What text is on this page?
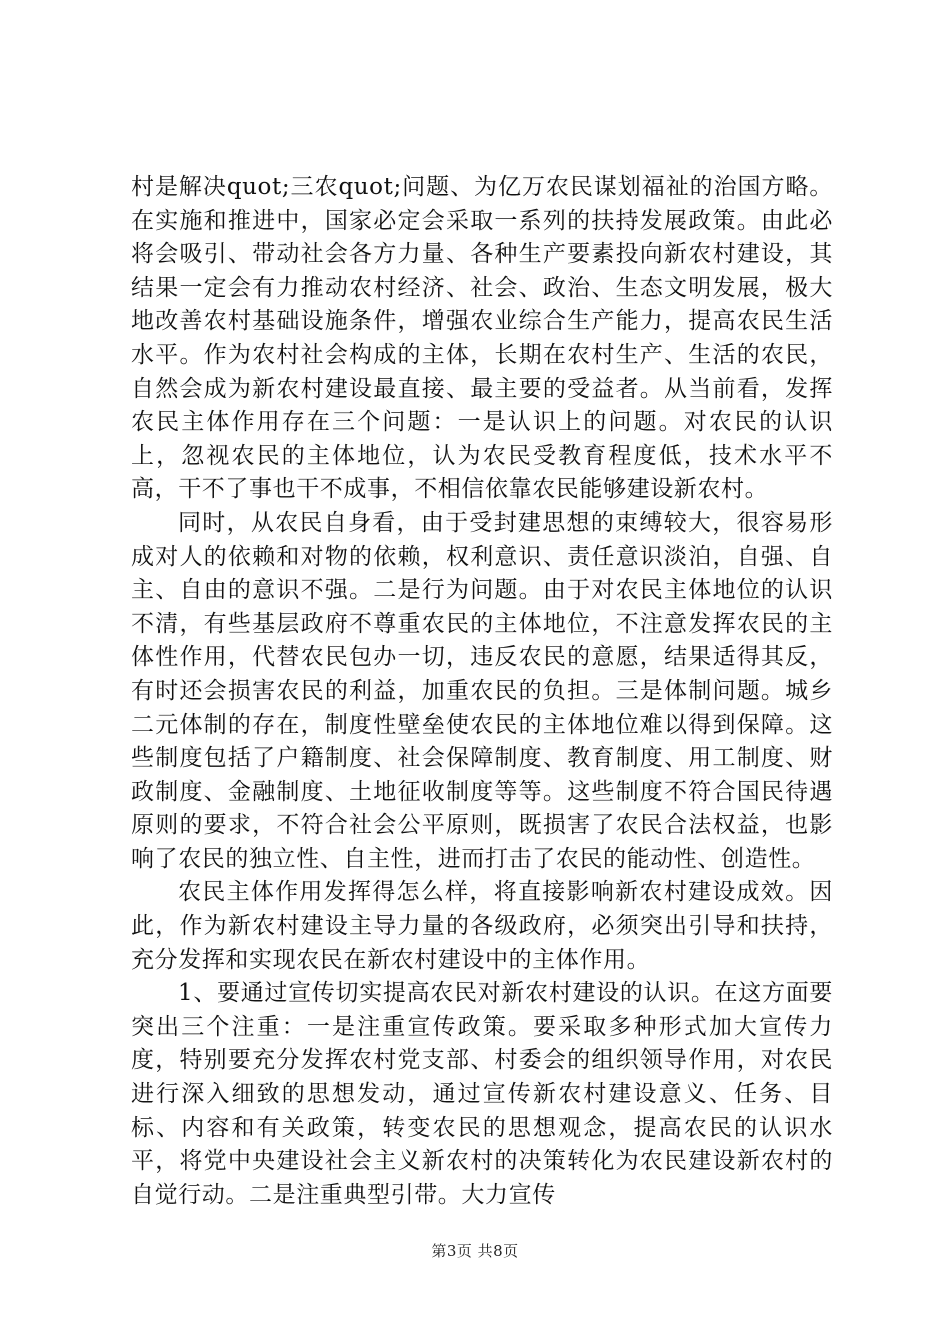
村是解决quot;三农quot;问题、为亿万农民谋划福祉的治国方略。在实施和推进中，国家必定会采取一系列的扶持发展政策。由此必将会吸引、带动社会各方力量、各种生产要素投向新农村建设，其结果一定会有力推动农村经济、社会、政治、生态文明发展，极大地改善农村基础设施条件，增强农业综合生产能力，提高农民生活水平。作为农村社会构成的主体，长期在农村生产、生活的农民，自然会成为新农村建设最直接、最主要的受益者。从当前看，发挥农民主体作用存在三个问题：一是认识上的问题。对农民的认识上，忽视农民的主体地位，认为农民受教育程度低，技术水平不高，干不了事也干不成事，不相信依靠农民能够建设新农村。

同时，从农民自身看，由于受封建思想的束缚较大，很容易形成对人的依赖和对物的依赖，权利意识、责任意识淡泊，自强、自主、自由的意识不强。二是行为问题。由于对农民主体地位的认识不清，有些基层政府不尊重农民的主体地位，不注意发挥农民的主体性作用，代替农民包办一切，违反农民的意愿，结果适得其反，有时还会损害农民的利益，加重农民的负担。三是体制问题。城乡二元体制的存在，制度性壁垒使农民的主体地位难以得到保障。这些制度包括了户籍制度、社会保障制度、教育制度、用工制度、财政制度、金融制度、土地征收制度等等。这些制度不符合国民待遇原则的要求，不符合社会公平原则，既损害了农民合法权益，也影响了农民的独立性、自主性，进而打击了农民的能动性、创造性。

农民主体作用发挥得怎么样，将直接影响新农村建设成效。因此，作为新农村建设主导力量的各级政府，必须突出引导和扶持，充分发挥和实现农民在新农村建设中的主体作用。

1、要通过宣传切实提高农民对新农村建设的认识。在这方面要突出三个注重：一是注重宣传政策。要采取多种形式加大宣传力度，特别要充分发挥农村党支部、村委会的组织领导作用，对农民进行深入细致的思想发动，通过宣传新农村建设意义、任务、目标、内容和有关政策，转变农民的思想观念，提高农民的认识水平，将党中央建设社会主义新农村的决策转化为农民建设新农村的自觉行动。二是注重典型引带。大力宣传

第3页 共8页
